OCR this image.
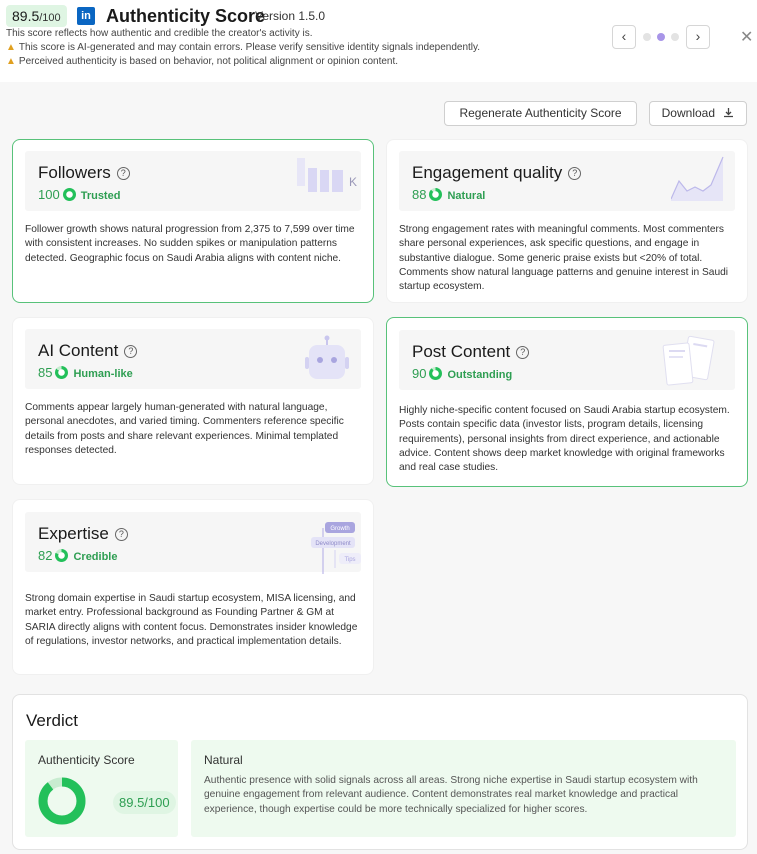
89.5/100	in Authenticity Score
Version 1.5.0
This score reflects how authentic and credible the creator's activity is.
▲ This score is AI-generated and may contain errors. Please verify sensitive identity signals independently.
▲ Perceived authenticity is based on behavior, not political alignment or opinion content.
‹	›	✕
Regenerate Authenticity Score	Download
Followers ?
100 Trusted
K
Follower growth shows natural progression from 2,375 to 7,599 over time with consistent increases. No sudden spikes or manipulation patterns detected. Geographic focus on Saudi Arabia aligns with content niche.
Engagement quality ?
88 Natural
Strong engagement rates with meaningful comments. Most commenters share personal experiences, ask specific questions, and engage in substantive dialogue. Some generic praise exists but <20% of total. Comments show natural language patterns and genuine interest in Saudi startup ecosystem.
AI Content ?
85 Human-like
Comments appear largely human-generated with natural language, personal anecdotes, and varied timing. Commenters reference specific details from posts and share relevant experiences. Minimal templated responses detected.
Post Content ?
90 Outstanding
Highly niche-specific content focused on Saudi Arabia startup ecosystem. Posts contain specific data (investor lists, program details, licensing requirements), personal insights from direct experience, and actionable advice. Content shows deep market knowledge with original frameworks and real case studies.
Expertise ?
82 Credible
Growth
Development
Tips
Strong domain expertise in Saudi startup ecosystem, MISA licensing, and market entry. Professional background as Founding Partner & GM at SARIA directly aligns with content focus. Demonstrates insider knowledge of regulations, investor networks, and practical implementation details.
Verdict
Authenticity Score
89.5/100
Natural
Authentic presence with solid signals across all areas. Strong niche expertise in Saudi startup ecosystem with genuine engagement from relevant audience. Content demonstrates real market knowledge and practical experience, though expertise could be more technically specialized for higher scores.
